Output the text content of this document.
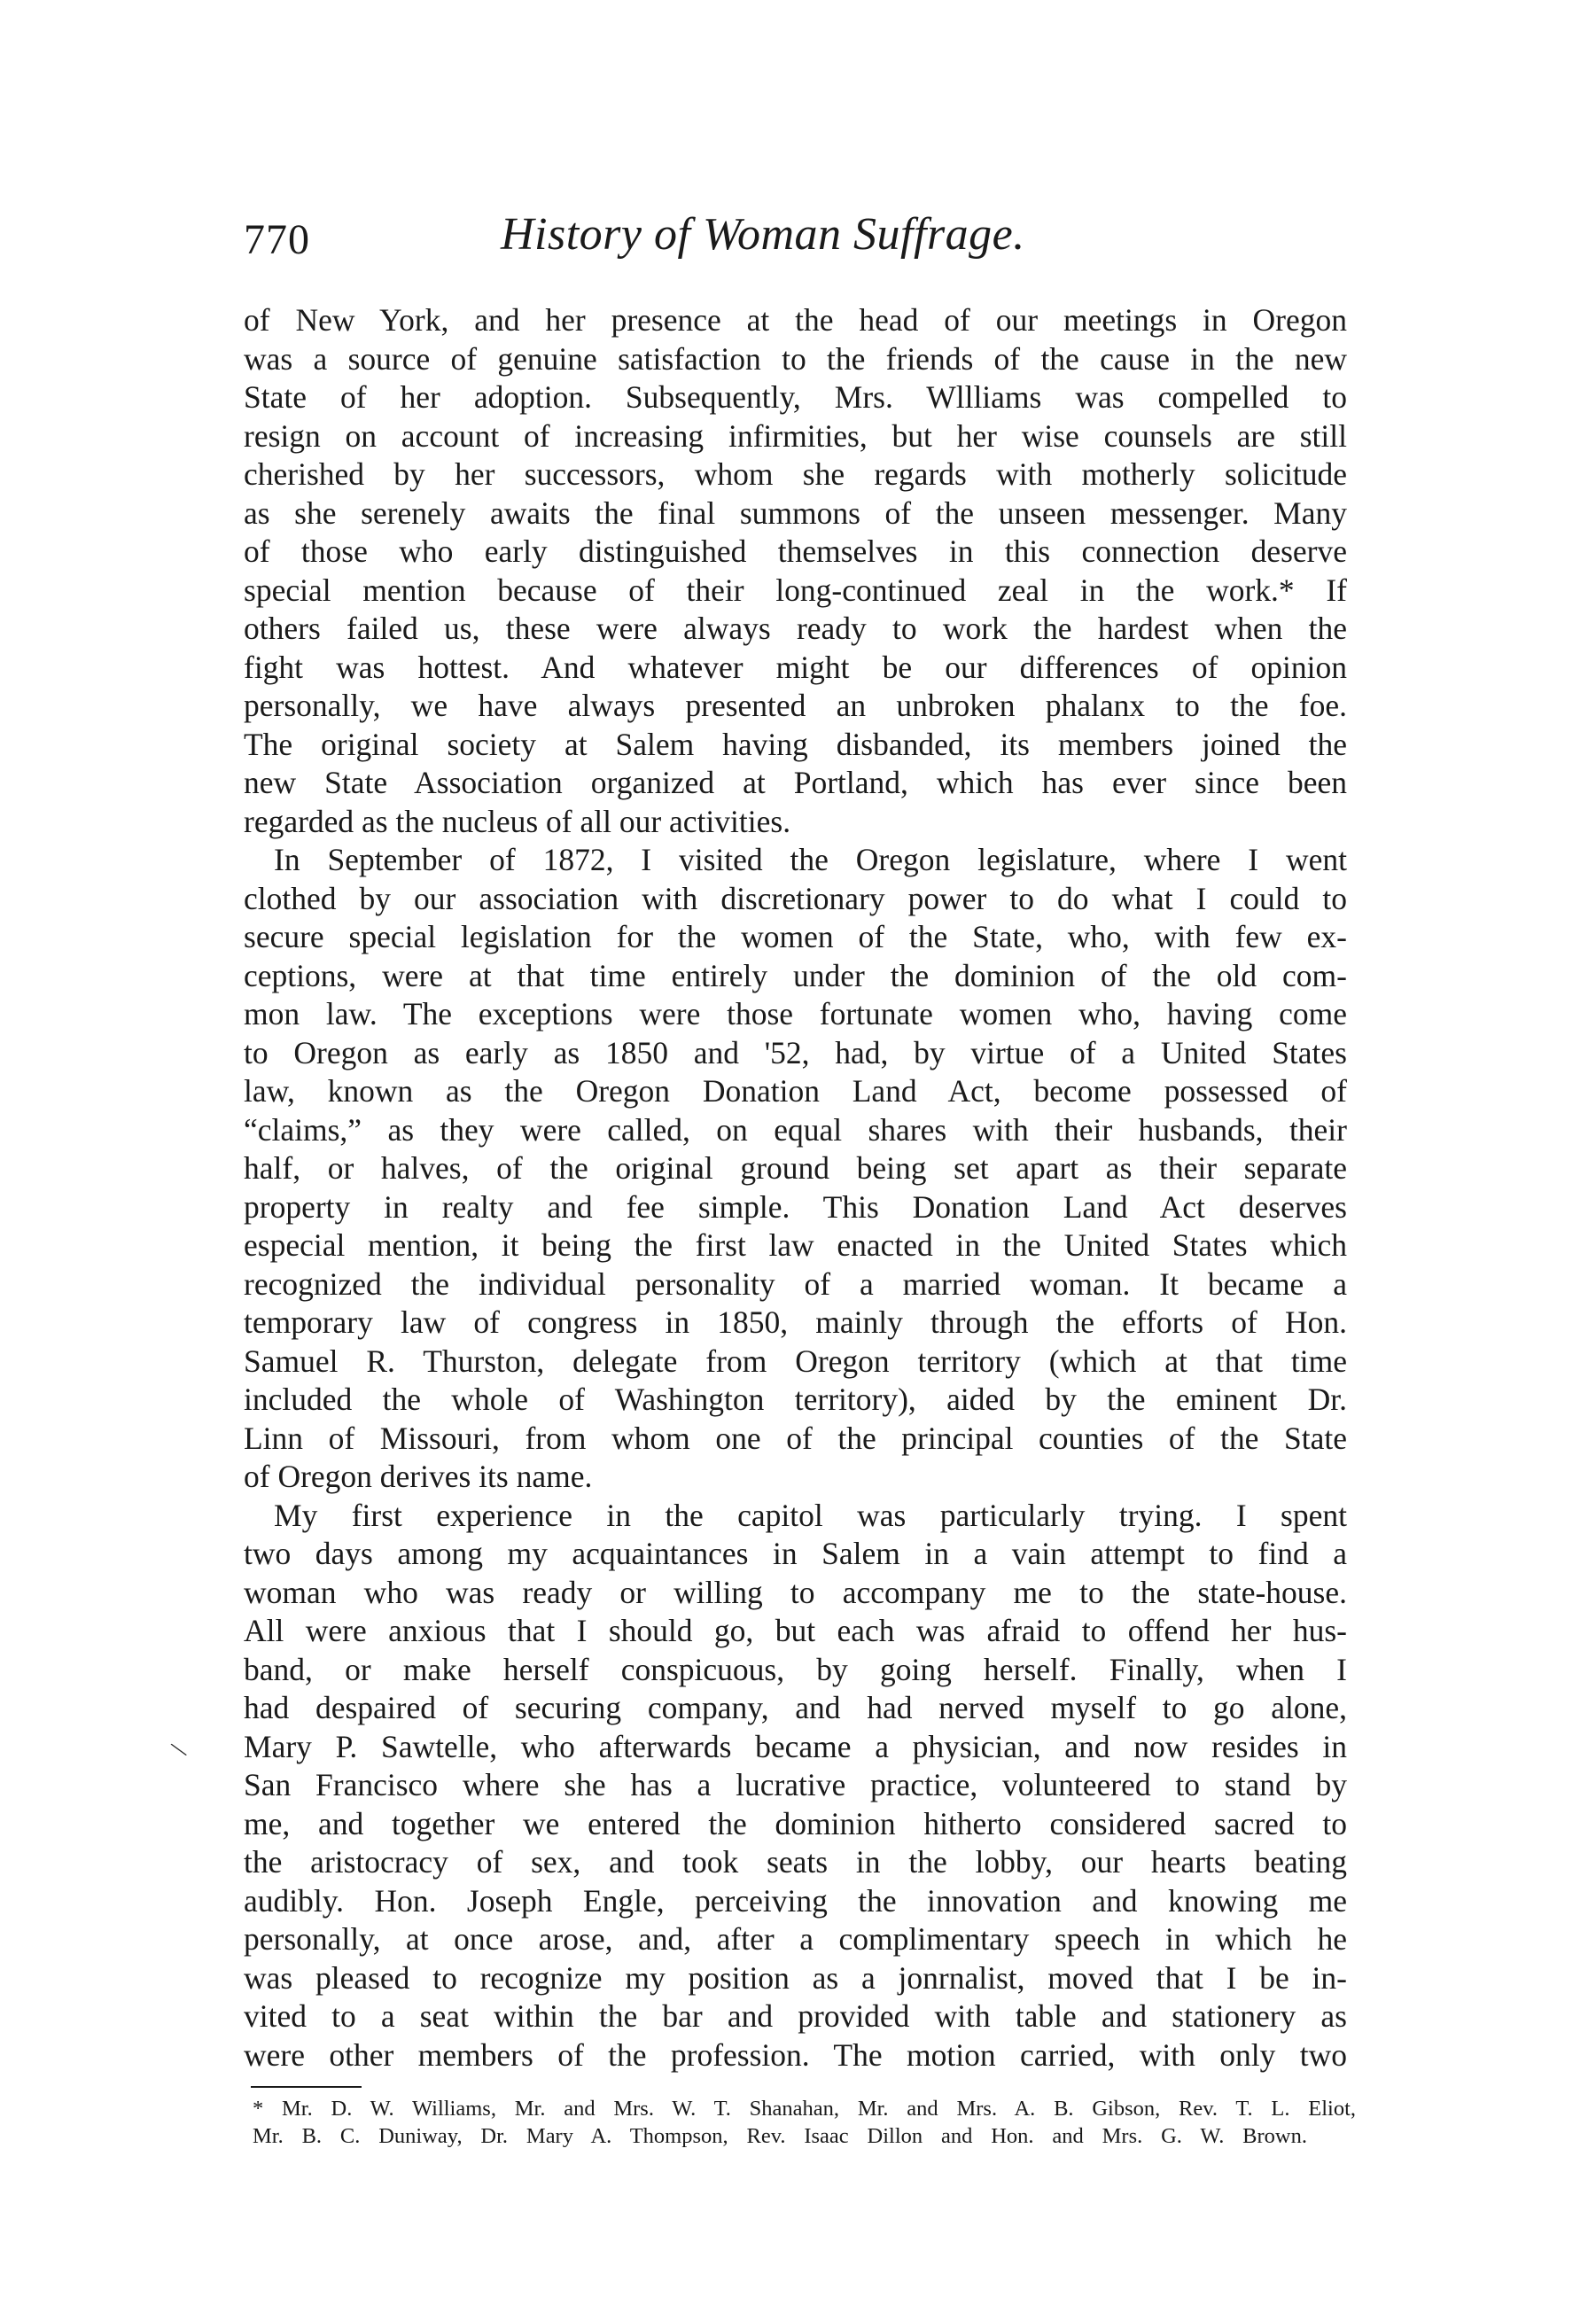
770	History of Woman Suffrage.
of New York, and her presence at the head of our meetings in Oregon
was a source of genuine satisfaction to the friends of the cause in the new
State of her adoption. Subsequently, Mrs. Wllliams was compelled to
resign on account of increasing infirmities, but her wise counsels are still
cherished by her successors, whom she regards with motherly solicitude
as she serenely awaits the final summons of the unseen messenger. Many
of those who early distinguished themselves in this connection deserve
special mention because of their long-continued zeal in the work.* If
others failed us, these were always ready to work the hardest when the
fight was hottest. And whatever might be our differences of opinion
personally, we have always presented an unbroken phalanx to the foe.
The original society at Salem having disbanded, its members joined the
new State Association organized at Portland, which has ever since been
regarded as the nucleus of all our activities.
In September of 1872, I visited the Oregon legislature, where I went
clothed by our association with discretionary power to do what I could to
secure special legislation for the women of the State, who, with few ex-
ceptions, were at that time entirely under the dominion of the old com-
mon law. The exceptions were those fortunate women who, having come
to Oregon as early as 1850 and '52, had, by virtue of a United States
law, known as the Oregon Donation Land Act, become possessed of
“claims,” as they were called, on equal shares with their husbands, their
half, or halves, of the original ground being set apart as their separate
property in realty and fee simple. This Donation Land Act deserves
especial mention, it being the first law enacted in the United States which
recognized the individual personality of a married woman. It became a
temporary law of congress in 1850, mainly through the efforts of Hon.
Samuel R. Thurston, delegate from Oregon territory (which at that time
included the whole of Washington territory), aided by the eminent Dr.
Linn of Missouri, from whom one of the principal counties of the State
of Oregon derives its name.
My first experience in the capitol was particularly trying. I spent
two days among my acquaintances in Salem in a vain attempt to find a
woman who was ready or willing to accompany me to the state-house.
All were anxious that I should go, but each was afraid to offend her hus-
band, or make herself conspicuous, by going herself. Finally, when I
had despaired of securing company, and had nerved myself to go alone,
Mary P. Sawtelle, who afterwards became a physician, and now resides in
San Francisco where she has a lucrative practice, volunteered to stand by
me, and together we entered the dominion hitherto considered sacred to
the aristocracy of sex, and took seats in the lobby, our hearts beating
audibly. Hon. Joseph Engle, perceiving the innovation and knowing me
personally, at once arose, and, after a complimentary speech in which he
was pleased to recognize my position as a jonrnalist, moved that I be in-
vited to a seat within the bar and provided with table and stationery as
were other members of the profession. The motion carried, with only two
* Mr. D. W. Williams, Mr. and Mrs. W. T. Shanahan, Mr. and Mrs. A. B. Gibson, Rev. T. L. Eliot,
Mr. B. C. Duniway, Dr. Mary A. Thompson, Rev. Isaac Dillon and Hon. and Mrs. G. W. Brown.
\
